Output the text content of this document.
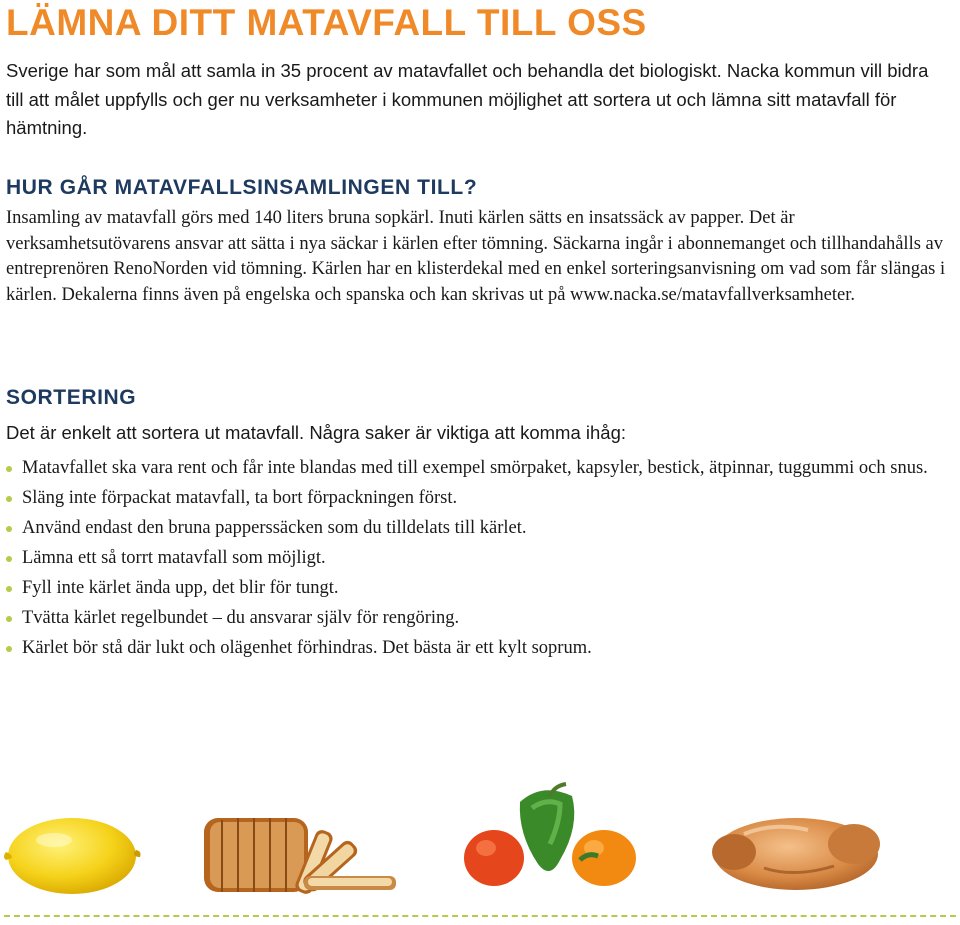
LÄMNA DITT MATAVFALL TILL OSS

Sverige har som mål att samla in 35 procent av matavfallet och behandla det biologiskt. Nacka kommun vill bidra till att målet uppfylls och ger nu verksamheter i kommunen möjlighet att sortera ut och lämna sitt matavfall för hämtning.

HUR GÅR MATAVFALLSINSAMLINGEN TILL?

Insamling av matavfall görs med 140 liters bruna sopkärl. Inuti kärlen sätts en insatssäck av papper. Det är verksamhetsutövarens ansvar att sätta i nya säckar i kärlen efter tömning. Säckarna ingår i abonnemanget och tillhandahålls av entreprenören RenoNorden vid tömning. Kärlen har en klisterdekal med en enkel sorteringsanvisning om vad som får slängas i kärlen. Dekalerna finns även på engelska och spanska och kan skrivas ut på www.nacka.se/matavfallverksamheter.

SORTERING

Det är enkelt att sortera ut matavfall. Några saker är viktiga att komma ihåg:

Matavfallet ska vara rent och får inte blandas med till exempel smörpaket, kapsyler, bestick, ätpinnar, tuggummi och snus.
Släng inte förpackat matavfall, ta bort förpackningen först.
Använd endast den bruna papperssäcken som du tilldelats till kärlet.
Lämna ett så torrt matavfall som möjligt.
Fyll inte kärlet ända upp, det blir för tungt.
Tvätta kärlet regelbundet – du ansvarar själv för rengöring.
Kärlet bör stå där lukt och olägenhet förhindras. Det bästa är ett kylt soprum.
